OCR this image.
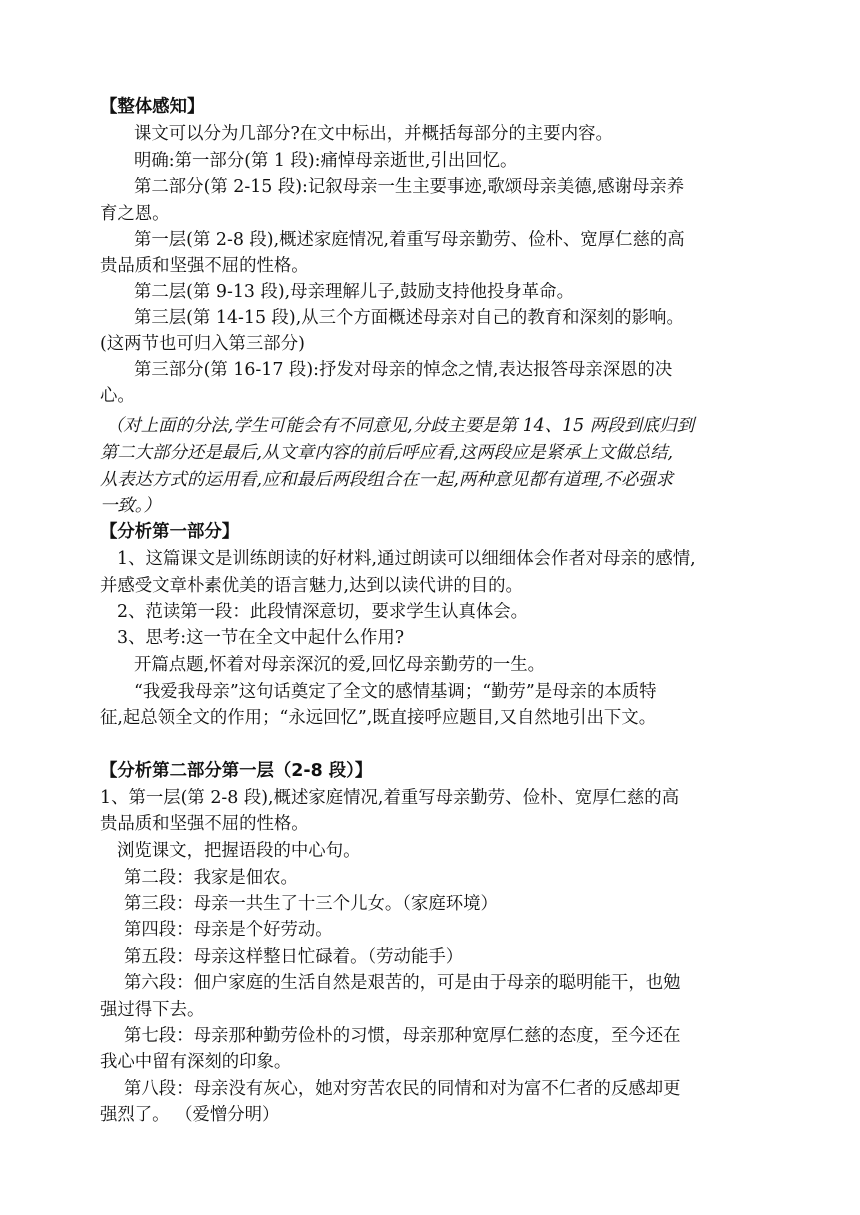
【整体感知】
课文可以分为几部分?在文中标出，并概括每部分的主要内容。
明确:第一部分(第 1 段):痛悼母亲逝世,引出回忆。
第二部分(第 2-15 段):记叙母亲一生主要事迹,歌颂母亲美德,感谢母亲养
育之恩。
第一层(第 2-8 段),概述家庭情况,着重写母亲勤劳、俭朴、宽厚仁慈的高
贵品质和坚强不屈的性格。
第二层(第 9-13 段),母亲理解儿子,鼓励支持他投身革命。
第三层(第 14-15 段),从三个方面概述母亲对自己的教育和深刻的影响。
(这两节也可归入第三部分)
第三部分(第 16-17 段):抒发对母亲的悼念之情,表达报答母亲深恩的决
心。
（对上面的分法,学生可能会有不同意见,分歧主要是第 14、15 两段到底归到
第二大部分还是最后,从文章内容的前后呼应看,这两段应是紧承上文做总结,
从表达方式的运用看,应和最后两段组合在一起,两种意见都有道理,不必强求
一致。）
【分析第一部分】
1、这篇课文是训练朗读的好材料,通过朗读可以细细体会作者对母亲的感情,
并感受文章朴素优美的语言魅力,达到以读代讲的目的。
2、范读第一段：此段情深意切，要求学生认真体会。
3、思考:这一节在全文中起什么作用?
开篇点题,怀着对母亲深沉的爱,回忆母亲勤劳的一生。
“我爱我母亲”这句话奠定了全文的感情基调；“勤劳”是母亲的本质特
征,起总领全文的作用；“永远回忆”,既直接呼应题目,又自然地引出下文。
【分析第二部分第一层（2-8 段）】
1、第一层(第 2-8 段),概述家庭情况,着重写母亲勤劳、俭朴、宽厚仁慈的高
贵品质和坚强不屈的性格。
浏览课文，把握语段的中心句。
第二段：我家是佃农。
第三段：母亲一共生了十三个儿女。（家庭环境）
第四段：母亲是个好劳动。
第五段：母亲这样整日忙碌着。（劳动能手）
第六段：佃户家庭的生活自然是艰苦的，可是由于母亲的聪明能干，也勉
强过得下去。
第七段：母亲那种勤劳俭朴的习惯，母亲那种宽厚仁慈的态度，至今还在
我心中留有深刻的印象。
第八段：母亲没有灰心，她对穷苦农民的同情和对为富不仁者的反感却更
强烈了。 （爱憎分明）
